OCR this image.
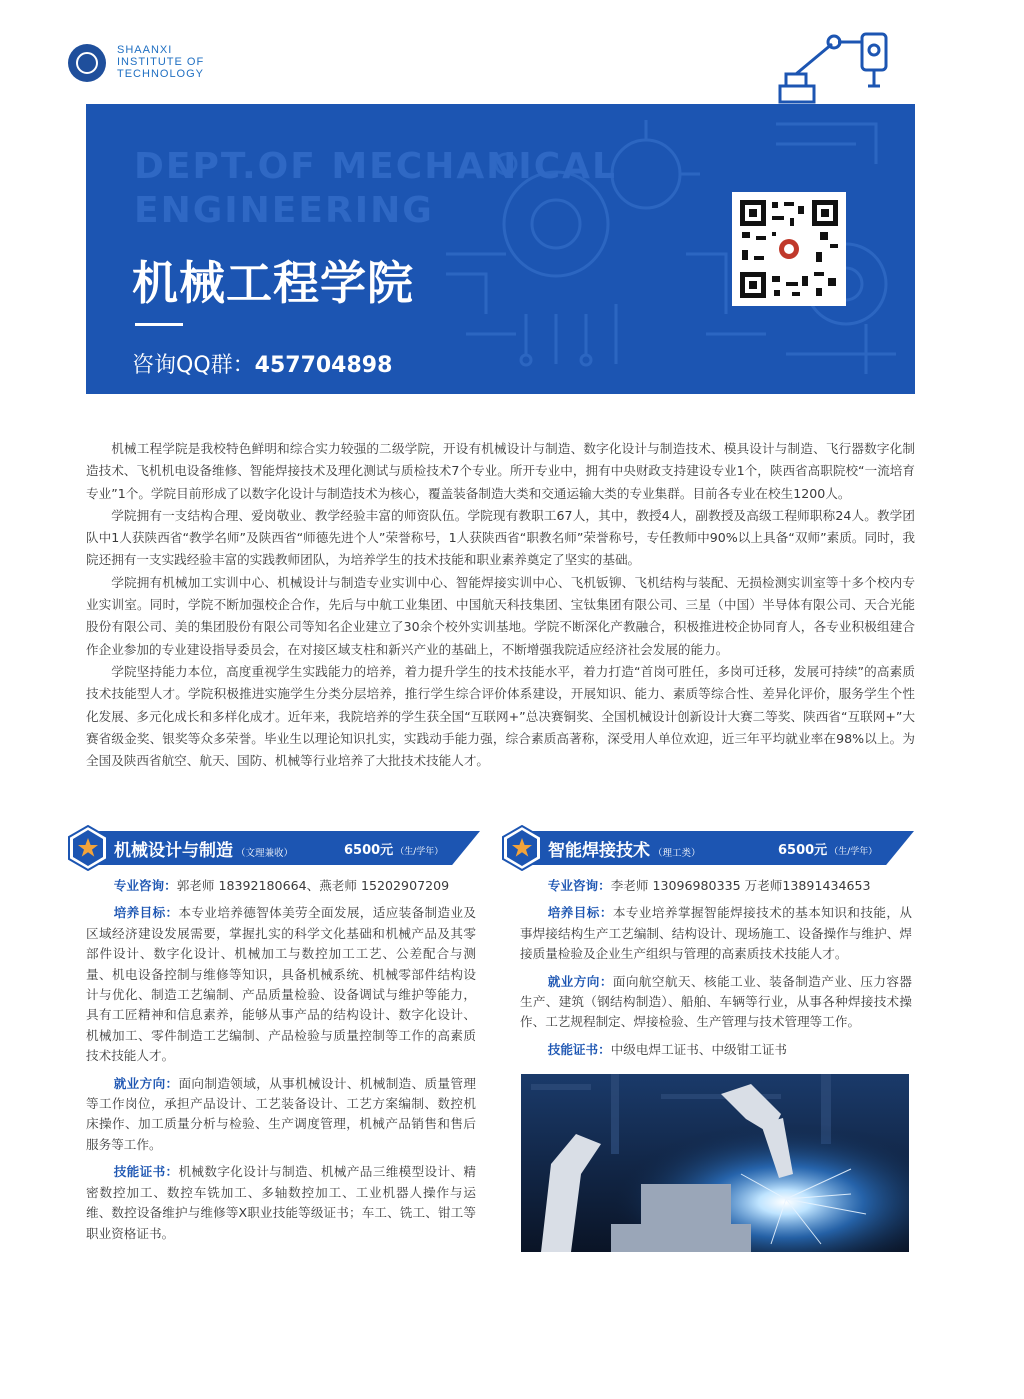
SHAANXI
INSTITUTE OF
TECHNOLOGY
DEPT.OF MECHANICAL
ENGINEERING
机械工程学院
咨询QQ群：457704898

机械工程学院是我校特色鲜明和综合实力较强的二级学院，开设有机械设计与制造、数字化设计与制造技术、模具设计与制造、飞行器数字化制造技术、飞机机电设备维修、智能焊接技术及理化测试与质检技术7个专业。所开专业中，拥有中央财政支持建设专业1个，陕西省高职院校“一流培育专业”1个。学院目前形成了以数字化设计与制造技术为核心，覆盖装备制造大类和交通运输大类的专业集群。目前各专业在校生1200人。

学院拥有一支结构合理、爱岗敬业、教学经验丰富的师资队伍。学院现有教职工67人，其中，教授4人，副教授及高级工程师职称24人。教学团队中1人获陕西省“教学名师”及陕西省“师德先进个人”荣誉称号，1人获陕西省“职教名师”荣誉称号，专任教师中90%以上具备“双师”素质。同时，我院还拥有一支实践经验丰富的实践教师团队，为培养学生的技术技能和职业素养奠定了坚实的基础。

学院拥有机械加工实训中心、机械设计与制造专业实训中心、智能焊接实训中心、飞机钣铆、飞机结构与装配、无损检测实训室等十多个校内专业实训室。同时，学院不断加强校企合作，先后与中航工业集团、中国航天科技集团、宝钛集团有限公司、三星（中国）半导体有限公司、天合光能股份有限公司、美的集团股份有限公司等知名企业建立了30余个校外实训基地。学院不断深化产教融合，积极推进校企协同育人，各专业积极组建合作企业参加的专业建设指导委员会，在对接区域支柱和新兴产业的基础上，不断增强我院适应经济社会发展的能力。

学院坚持能力本位，高度重视学生实践能力的培养，着力提升学生的技术技能水平，着力打造“首岗可胜任，多岗可迁移，发展可持续”的高素质技术技能型人才。学院积极推进实施学生分类分层培养，推行学生综合评价体系建设，开展知识、能力、素质等综合性、差异化评价，服务学生个性化发展、多元化成长和多样化成才。近年来，我院培养的学生获全国“互联网+”总决赛铜奖、全国机械设计创新设计大赛二等奖、陕西省“互联网+”大赛省级金奖、银奖等众多荣誉。毕业生以理论知识扎实，实践动手能力强，综合素质高著称，深受用人单位欢迎，近三年平均就业率在98%以上。为全国及陕西省航空、航天、国防、机械等行业培养了大批技术技能人才。

机械设计与制造 （文理兼收）	6500元 （生/学年）	智能焊接技术 （理工类）	6500元 （生/学年）

专业咨询：郭老师 18392180664、燕老师 15202907209

培养目标：本专业培养德智体美劳全面发展，适应装备制造业及区域经济建设发展需要，掌握扎实的科学文化基础和机械产品及其零部件设计、数字化设计、机械加工与数控加工工艺、公差配合与测量、机电设备控制与维修等知识，具备机械系统、机械零部件结构设计与优化、制造工艺编制、产品质量检验、设备调试与维护等能力，具有工匠精神和信息素养，能够从事产品的结构设计、数字化设计、机械加工、零件制造工艺编制、产品检验与质量控制等工作的高素质技术技能人才。

就业方向：面向制造领域，从事机械设计、机械制造、质量管理等工作岗位，承担产品设计、工艺装备设计、工艺方案编制、数控机床操作、加工质量分析与检验、生产调度管理，机械产品销售和售后服务等工作。

技能证书：机械数字化设计与制造、机械产品三维模型设计、精密数控加工、数控车铣加工、多轴数控加工、工业机器人操作与运维、数控设备维护与维修等X职业技能等级证书；车工、铣工、钳工等职业资格证书。

专业咨询：李老师 13096980335 万老师13891434653

培养目标：本专业培养掌握智能焊接技术的基本知识和技能，从事焊接结构生产工艺编制、结构设计、现场施工、设备操作与维护、焊接质量检验及企业生产组织与管理的高素质技术技能人才。

就业方向：面向航空航天、核能工业、装备制造产业、压力容器生产、建筑（钢结构制造）、船舶、车辆等行业，从事各种焊接技术操作、工艺规程制定、焊接检验、生产管理与技术管理等工作。

技能证书：中级电焊工证书、中级钳工证书
